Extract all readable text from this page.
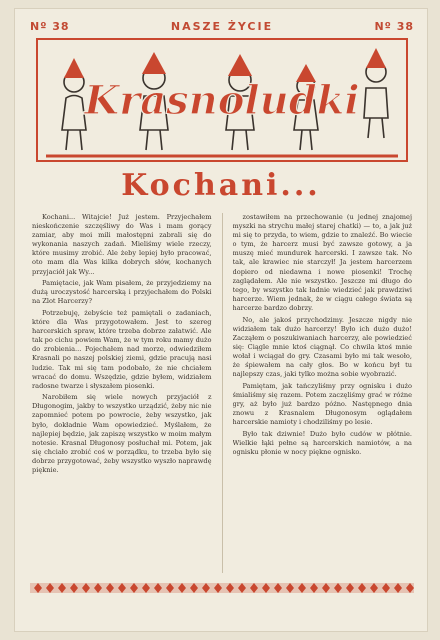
Nº 38	NASZE ŻYCIE	Nº 38
Krasnoludki
Kochani...

Kochani... Witajcie! Już jestem. Przyjechałem nieskończenie szczęśliwy do Was i mam gorący zamiar, aby moi mili małostępni zabrali się do wykonania naszych zadań. Mieliśmy wiele rzeczy, które musimy zrobić. Ale żeby lepiej było pracować, oto mam dla Was kilka dobrych słów, kochanych przyjaciół jak Wy...

Pamiętacie, jak Wam pisałem, że przyjedziemy na dużą uroczystość harcerską i przyjechałem do Polski na Zlot Harcerzy?

Potrzebuję, żebyście też pamiętali o zadaniach, które dla Was przygotowałem. Jest to szereg harcerskich spraw, które trzeba dobrze załatwić. Ale tak po cichu powiem Wam, że w tym roku mamy dużo do zrobienia... Pojechałem nad morze, odwiedziłem Krasnali po naszej polskiej ziemi, gdzie pracują nasi ludzie. Tak mi się tam podobało, że nie chciałem wracać do domu. Wszędzie, gdzie byłem, widziałem radosne twarze i słyszałem piosenki.

Narobiłem się wiele nowych przyjaciół z Długonogim, jakby to wszystko urządzić, żeby nic nie zapomnieć potem po powrocie, żeby wszystko, jak było, dokładnie Wam opowiedzieć. Myślałem, że najlepiej będzie, jak zapiszę wszystko w moim małym notesie. Krasnal Długonosy posłuchał mi. Potem, jak się chciało zrobić coś w porządku, to trzeba było się dobrze przygotować, żeby wszystko wyszło naprawdę pięknie.

zostawiłem na przechowanie (u jednej znajomej myszki na strychu małej starej chatki) — to, a jak już mi się to przyda, to wiem, gdzie to znaleźć. Bo wiecie o tym, że harcerz musi być zawsze gotowy, a ja muszę mieć mundurek harcerski. I zawsze tak. No tak, ale krawiec nie starczył! Ja jestem harcerzem dopiero od niedawna i nowe piosenki! Trochę zaglądałem. Ale nie wszystko. Jeszcze mi długo do tego, by wszystko tak ładnie wiedzieć jak prawdziwi harcerze. Wiem jednak, że w ciągu całego świata są harcerze bardzo dobrzy.

No, ale jakoś przychodzimy. Jeszcze nigdy nie widziałem tak dużo harcerzy! Było ich dużo dużo! Zacząłem o poszukiwaniach harcerzy, ale powiedzieć się: Ciągle mnie ktoś ciągnął. Co chwila ktoś mnie wołał i wciągał do gry. Czasami było mi tak wesoło, że śpiewałem na cały głos. Bo w końcu był tu najlepszy czas, jaki tylko można sobie wyobrazić.

Pamiętam, jak tańczyliśmy przy ognisku i dużo śmialiśmy się razem. Potem zaczęliśmy grać w różne gry, aż było już bardzo późno. Następnego dnia znowu z Krasnalem Długonosym oglądałem harcerskie namioty i chodziliśmy po lesie.

Było tak dziwnie! Dużo było cudów w płótnie. Wielkie łąki pełne są harcerskich namiotów, a na ognisku płonie w nocy piękne ognisko.
